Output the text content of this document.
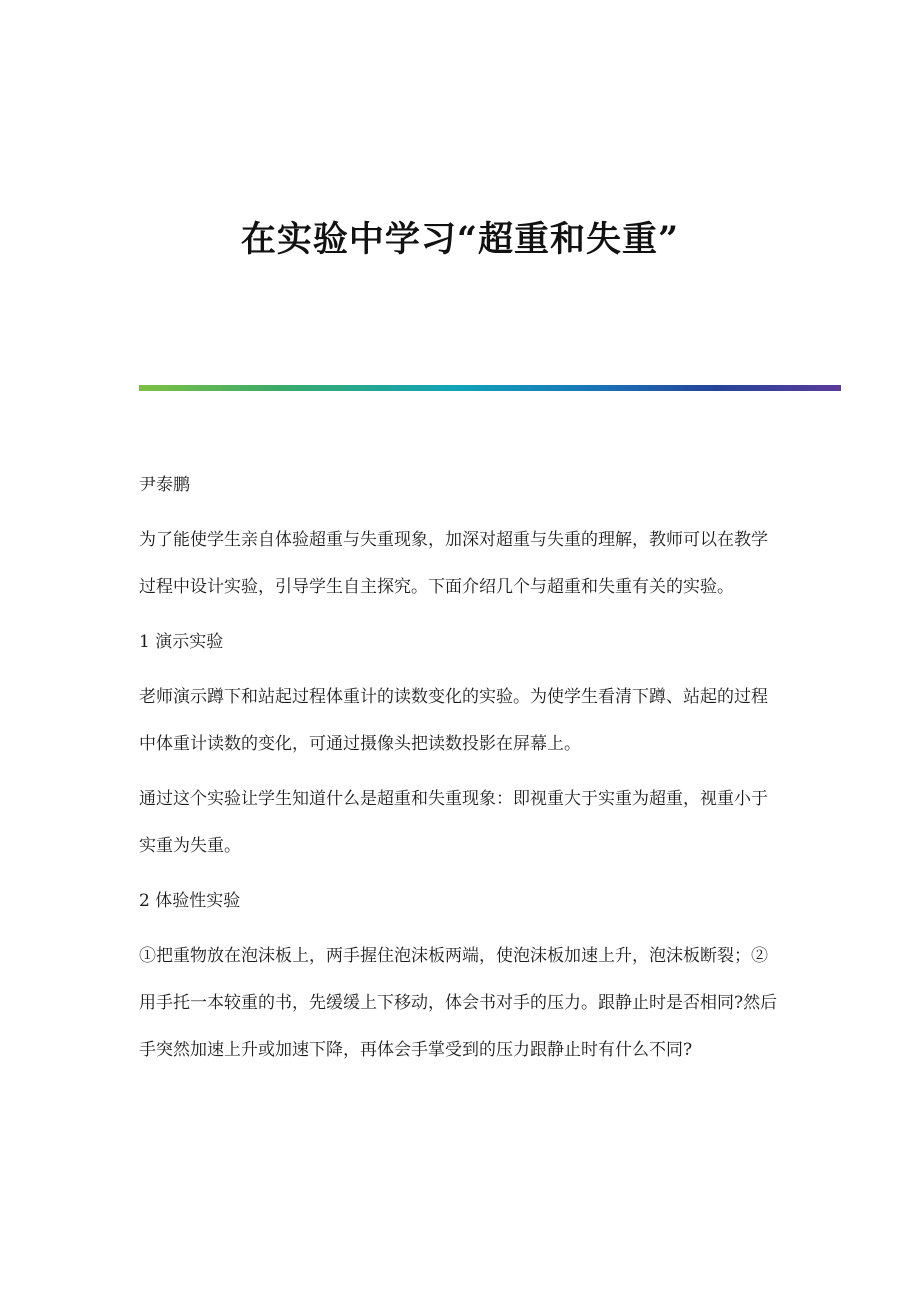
在实验中学习“超重和失重”

尹泰鹏

为了能使学生亲自体验超重与失重现象，加深对超重与失重的理解，教师可以在教学过程中设计实验，引导学生自主探究。下面介绍几个与超重和失重有关的实验。

1 演示实验

老师演示蹲下和站起过程体重计的读数变化的实验。为使学生看清下蹲、站起的过程中体重计读数的变化，可通过摄像头把读数投影在屏幕上。

通过这个实验让学生知道什么是超重和失重现象：即视重大于实重为超重，视重小于实重为失重。

2 体验性实验

①把重物放在泡沫板上，两手握住泡沫板两端，使泡沫板加速上升，泡沫板断裂；②用手托一本较重的书，先缓缓上下移动，体会书对手的压力。跟静止时是否相同?然后手突然加速上升或加速下降，再体会手掌受到的压力跟静止时有什么不同?
